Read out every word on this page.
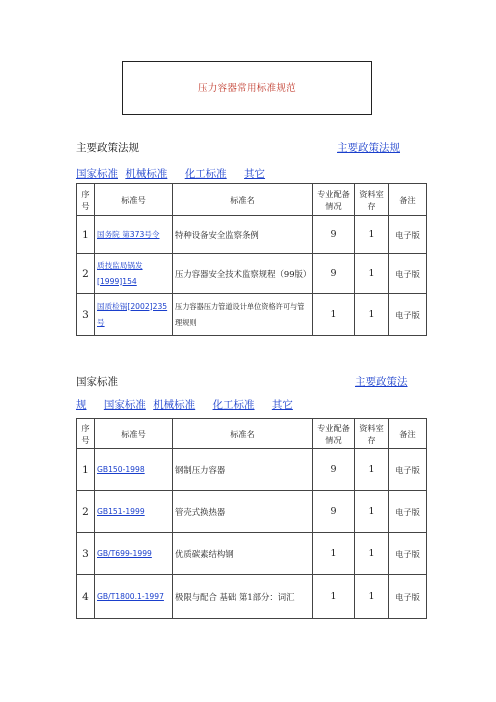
压力容器常用标准规范
主要政策法规	主要政策法规
国家标准 机械标准 化工标准 其它
序号	标准号	标准名	专业配备情况	资料室存	备注
1	国务院 第373号令	特种设备安全监察条例	9	1	电子版
2	质技监局锅发[1999]154	压力容器安全技术监察规程（99版）	9	1	电子版
3	国质检锅[2002]235号	压力容器压力管道设计单位资格许可与管理规则	1	1	电子版
国家标准	主要政策法
规 国家标准 机械标准 化工标准 其它
序号	标准号	标准名	专业配备情况	资料室存	备注
1	GB150-1998	钢制压力容器	9	1	电子版
2	GB151-1999	管壳式换热器	9	1	电子版
3	GB/T699-1999	优质碳素结构钢	1	1	电子版
4	GB/T1800.1-1997	极限与配合 基础 第1部分：词汇	1	1	电子版
